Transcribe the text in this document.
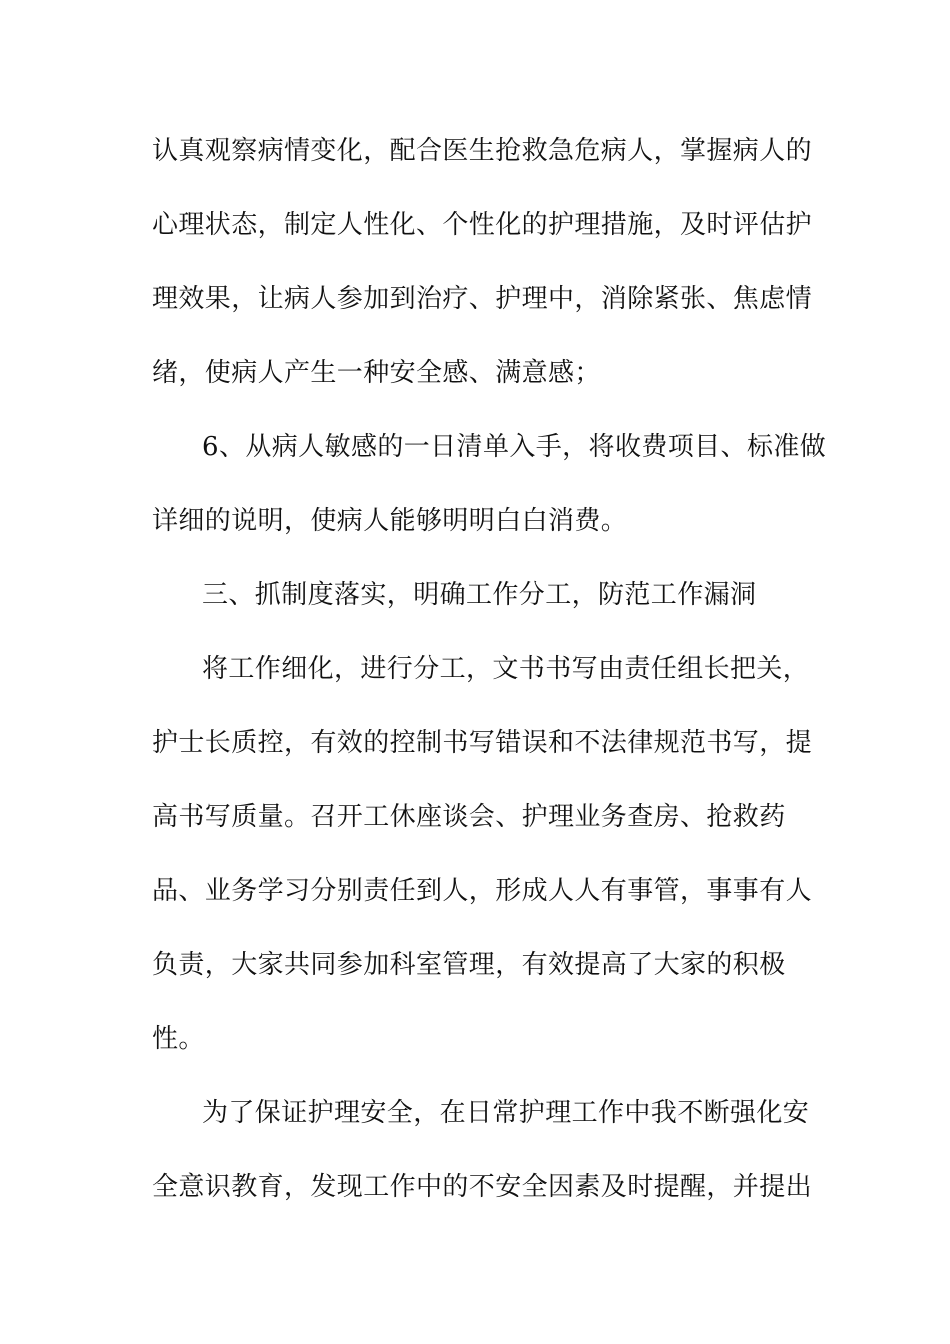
认真观察病情变化，配合医生抢救急危病人，掌握病人的
心理状态，制定人性化、个性化的护理措施，及时评估护
理效果，让病人参加到治疗、护理中，消除紧张、焦虑情
绪，使病人产生一种安全感、满意感；
6、从病人敏感的一日清单入手，将收费项目、标准做
详细的说明，使病人能够明明白白消费。
三、抓制度落实，明确工作分工，防范工作漏洞
将工作细化，进行分工，文书书写由责任组长把关，
护士长质控，有效的控制书写错误和不法律规范书写，提
高书写质量。召开工休座谈会、护理业务查房、抢救药
品、业务学习分别责任到人，形成人人有事管，事事有人
负责，大家共同参加科室管理，有效提高了大家的积极
性。
为了保证护理安全，在日常护理工作中我不断强化安
全意识教育，发现工作中的不安全因素及时提醒，并提出
